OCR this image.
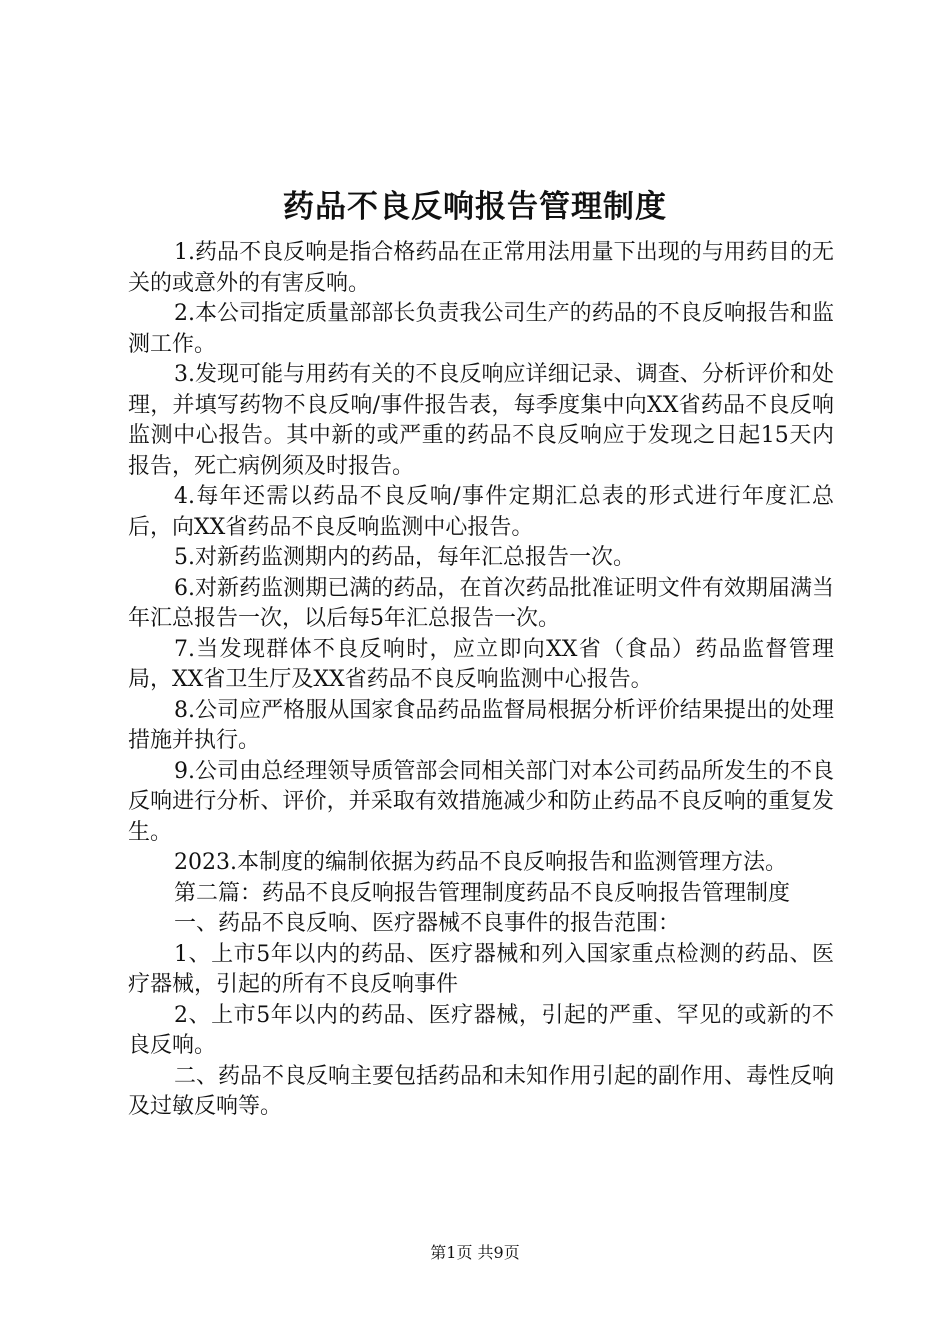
药品不良反响报告管理制度

1.药品不良反响是指合格药品在正常用法用量下出现的与用药目的无关的或意外的有害反响。

2.本公司指定质量部部长负责我公司生产的药品的不良反响报告和监测工作。

3.发现可能与用药有关的不良反响应详细记录、调查、分析评价和处理，并填写药物不良反响/事件报告表，每季度集中向XX省药品不良反响监测中心报告。其中新的或严重的药品不良反响应于发现之日起15天内报告，死亡病例须及时报告。

4.每年还需以药品不良反响/事件定期汇总表的形式进行年度汇总后，向XX省药品不良反响监测中心报告。

5.对新药监测期内的药品，每年汇总报告一次。

6.对新药监测期已满的药品，在首次药品批准证明文件有效期届满当年汇总报告一次，以后每5年汇总报告一次。

7.当发现群体不良反响时，应立即向XX省（食品）药品监督管理局，XX省卫生厅及XX省药品不良反响监测中心报告。

8.公司应严格服从国家食品药品监督局根据分析评价结果提出的处理措施并执行。

9.公司由总经理领导质管部会同相关部门对本公司药品所发生的不良反响进行分析、评价，并采取有效措施减少和防止药品不良反响的重复发生。

2023.本制度的编制依据为药品不良反响报告和监测管理方法。

第二篇：药品不良反响报告管理制度药品不良反响报告管理制度

一、药品不良反响、医疗器械不良事件的报告范围：

1、上市5年以内的药品、医疗器械和列入国家重点检测的药品、医疗器械，引起的所有不良反响事件

2、上市5年以内的药品、医疗器械，引起的严重、罕见的或新的不良反响。

二、药品不良反响主要包括药品和未知作用引起的副作用、毒性反响及过敏反响等。

第1页 共9页
